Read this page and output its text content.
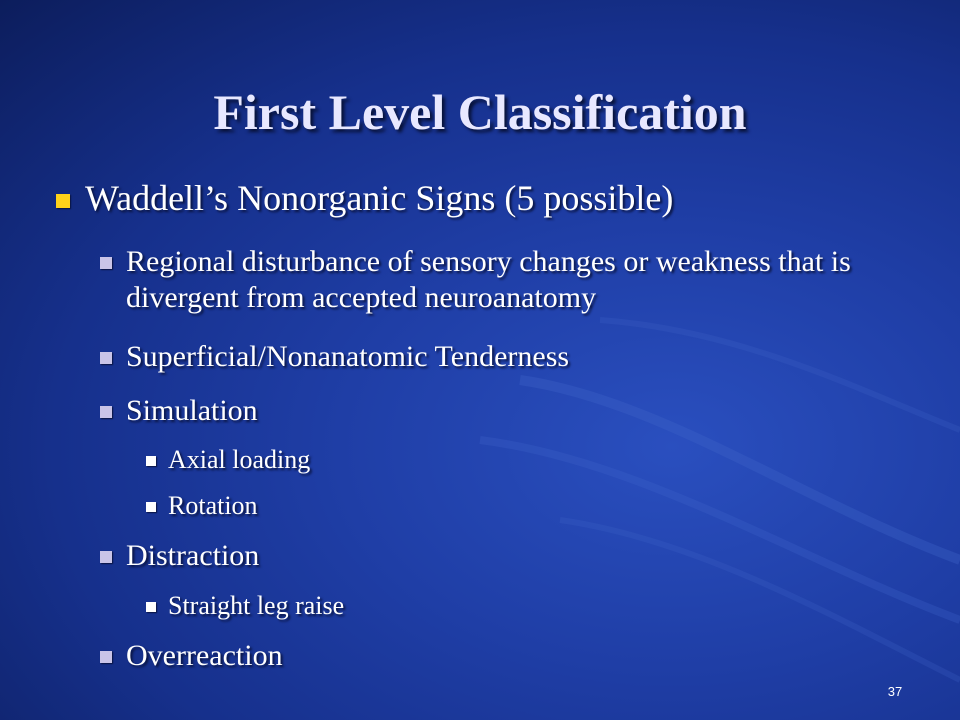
First Level Classification
Waddell’s Nonorganic Signs (5 possible)
Regional disturbance of sensory changes or weakness that is divergent from accepted neuroanatomy
Superficial/Nonanatomic Tenderness
Simulation
Axial loading
Rotation
Distraction
Straight leg raise
Overreaction
37
